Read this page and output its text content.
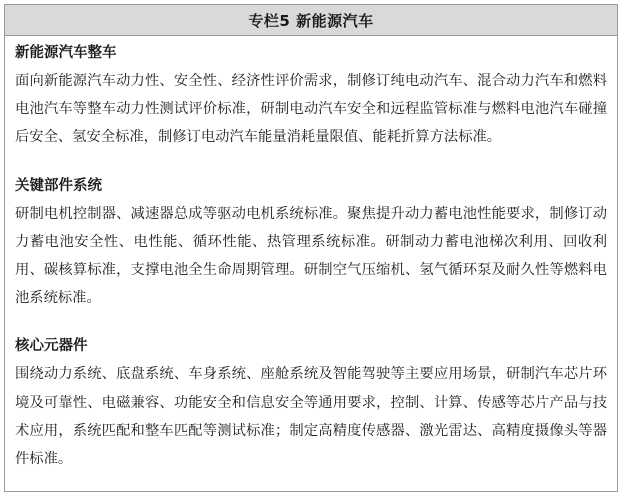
专栏5 新能源汽车
新能源汽车整车
面向新能源汽车动力性、安全性、经济性评价需求，制修订纯电动汽车、混合动力汽车和燃料电池汽车等整车动力性测试评价标准，研制电动汽车安全和远程监管标准与燃料电池汽车碰撞后安全、氢安全标准，制修订电动汽车能量消耗量限值、能耗折算方法标准。
关键部件系统
研制电机控制器、减速器总成等驱动电机系统标准。聚焦提升动力蓄电池性能要求，制修订动力蓄电池安全性、电性能、循环性能、热管理系统标准。研制动力蓄电池梯次利用、回收利用、碳核算标准，支撑电池全生命周期管理。研制空气压缩机、氢气循环泵及耐久性等燃料电池系统标准。
核心元器件
围绕动力系统、底盘系统、车身系统、座舱系统及智能驾驶等主要应用场景，研制汽车芯片环境及可靠性、电磁兼容、功能安全和信息安全等通用要求，控制、计算、传感等芯片产品与技术应用，系统匹配和整车匹配等测试标准；制定高精度传感器、激光雷达、高精度摄像头等器件标准。
